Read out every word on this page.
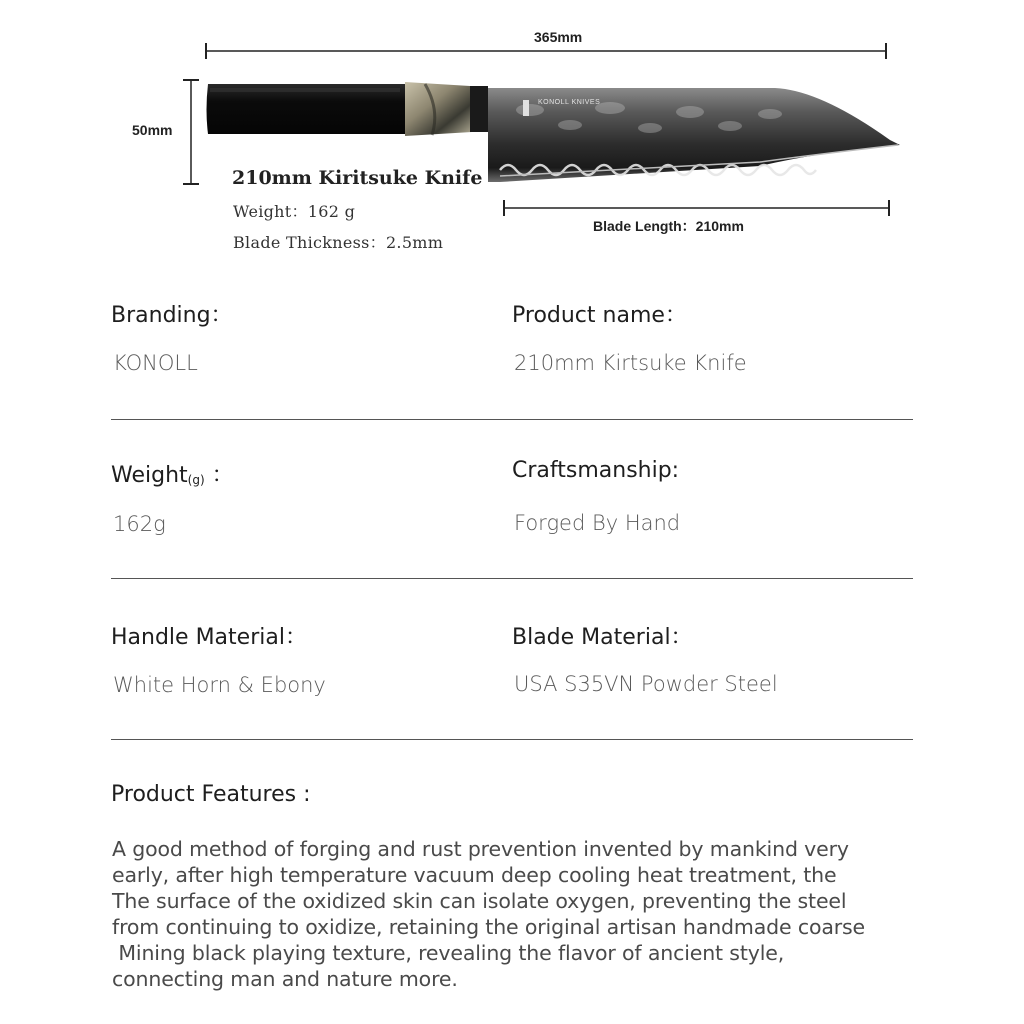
365mm
50mm
KONOLL KNIVES
210mm Kiritsuke Knife
Weight：162 g
Blade Thickness：2.5mm
Blade Length：210mm
Branding：
KONOLL
Product name：
210mm Kirtsuke Knife
Weight(g) ：
162g
Craftsmanship:
Forged By Hand
Handle Material：
White Horn & Ebony
Blade Material：
USA S35VN Powder Steel
Product Features :
A good method of forging and rust prevention invented by mankind very
early, after high temperature vacuum deep cooling heat treatment, the
The surface of the oxidized skin can isolate oxygen, preventing the steel
from continuing to oxidize, retaining the original artisan handmade coarse
Mining black playing texture, revealing the flavor of ancient style,
connecting man and nature more.
